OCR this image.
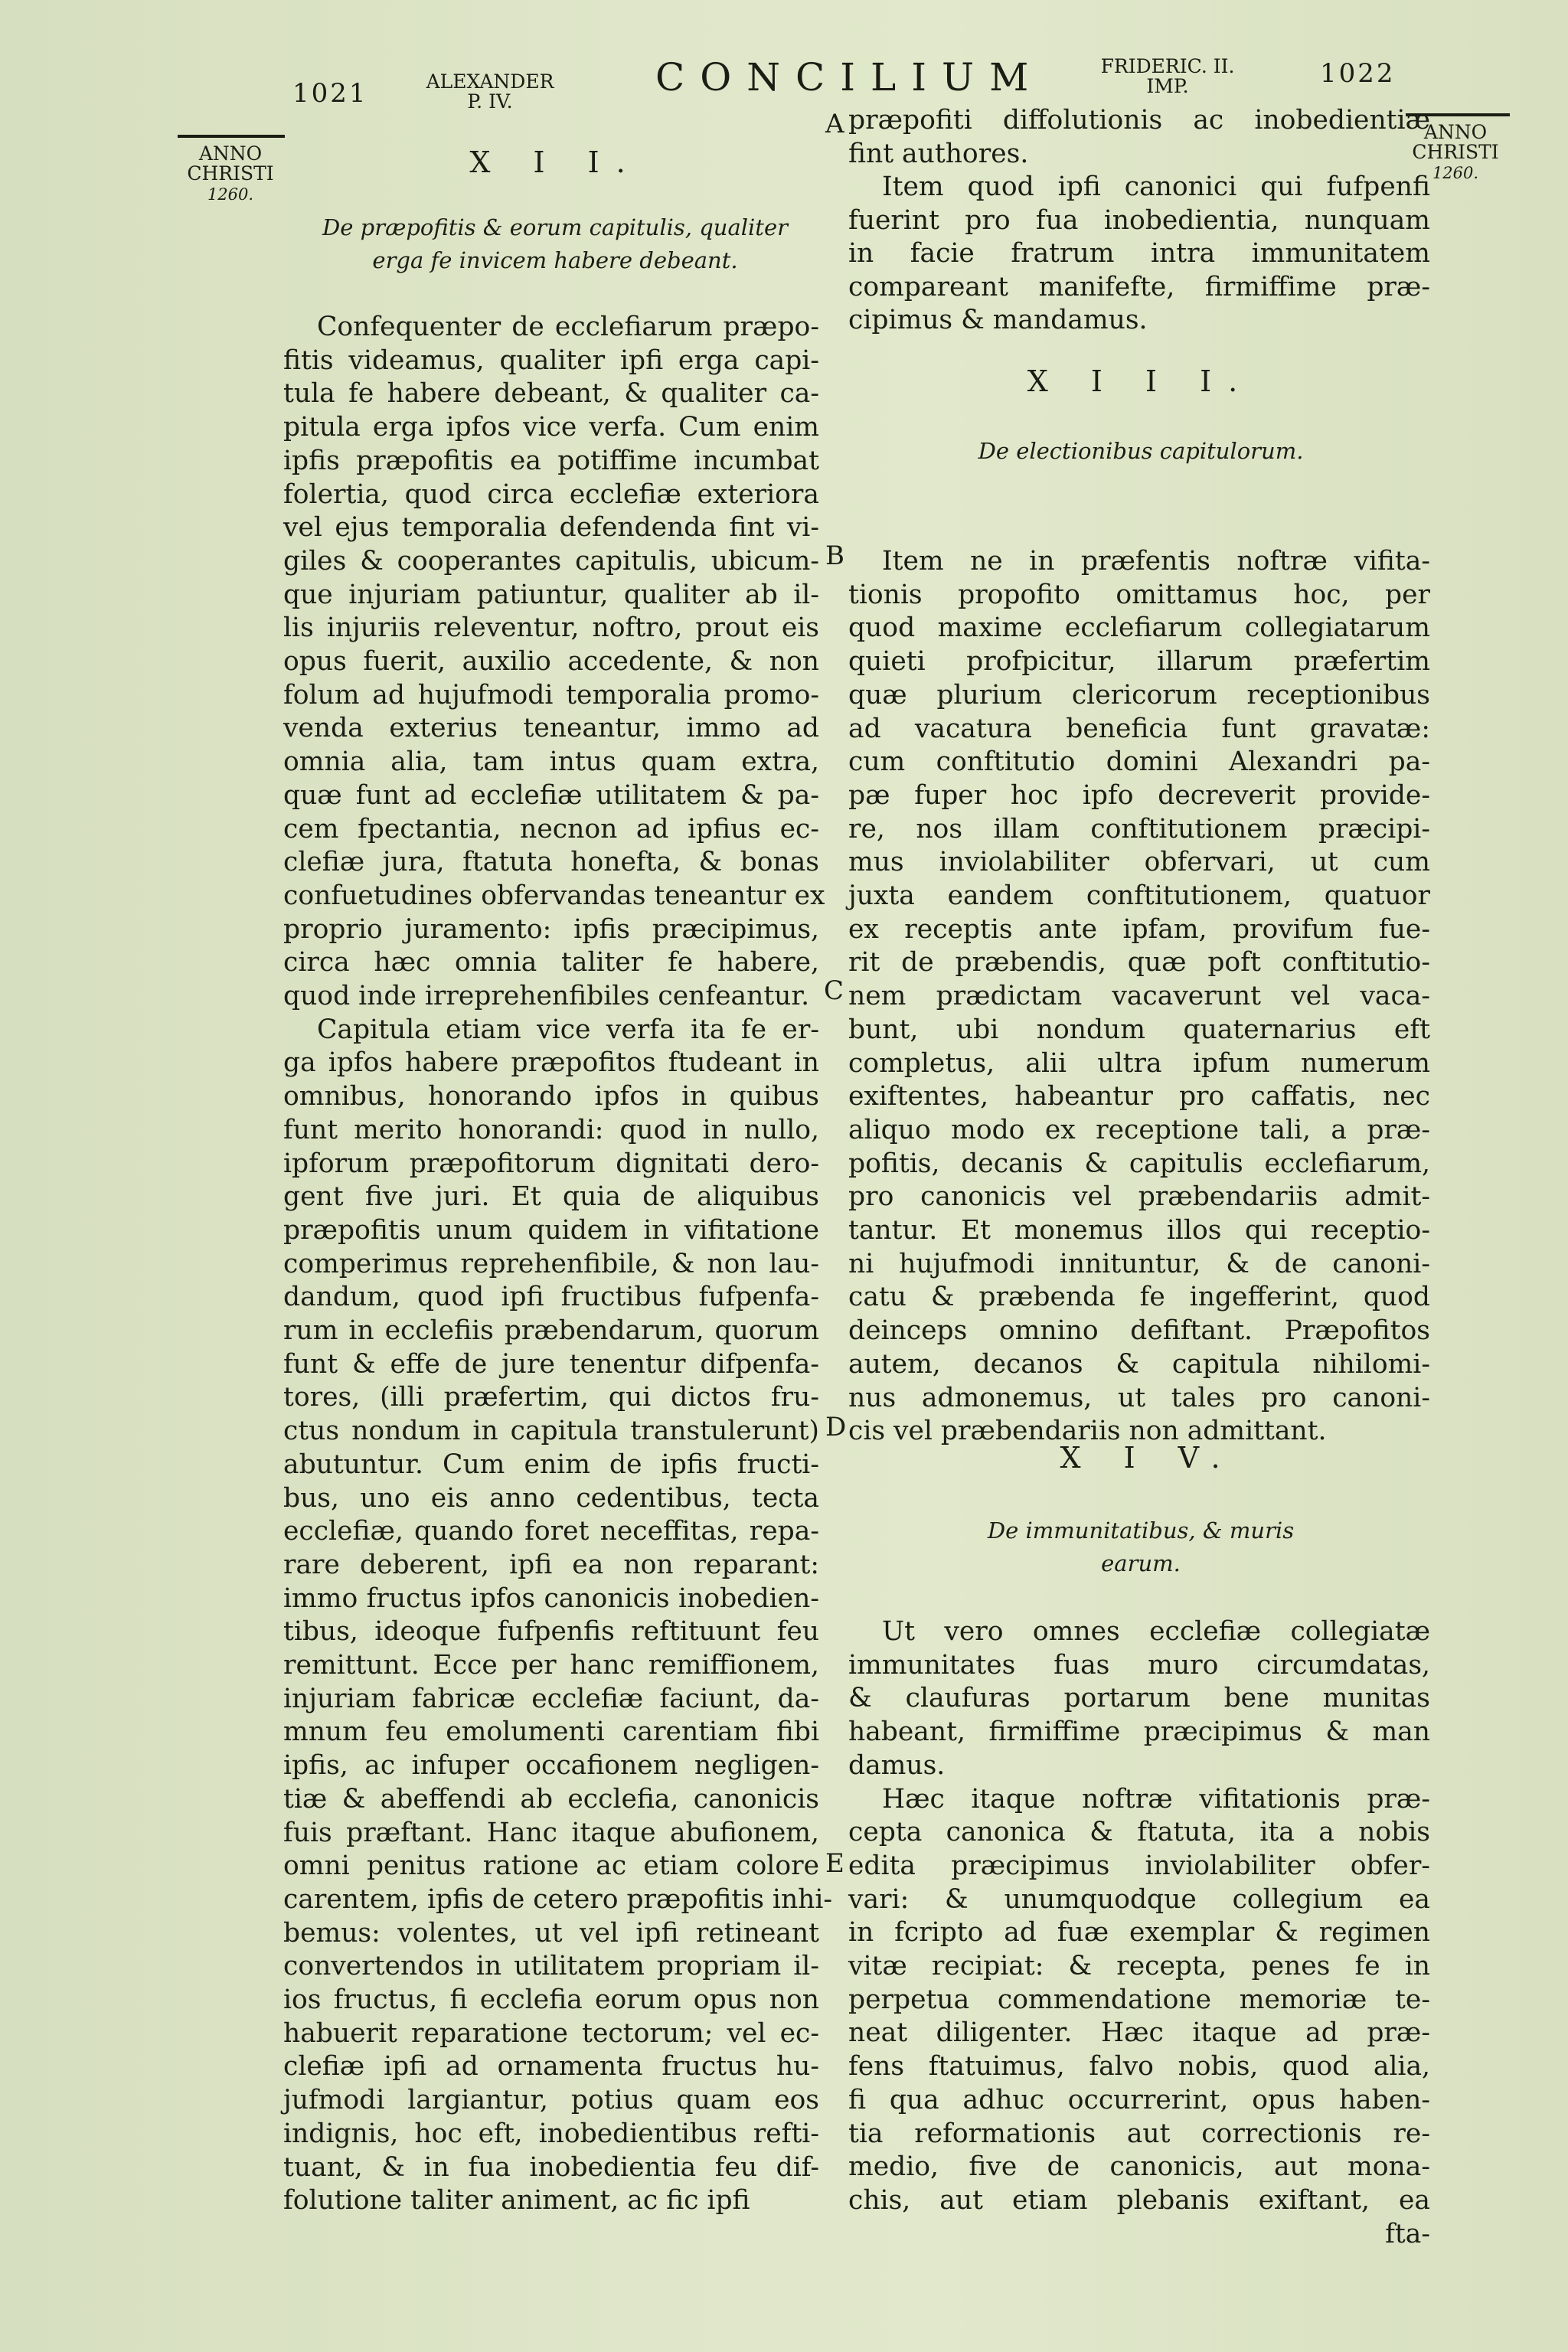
1021	ALEXANDER
P. IV.
CONCILIUM	FRIDERIC. II.
IMP.	1022
ANNO
CHRISTI
1260.
ANNO
CHRISTI
1260.
A
B
C
D
E
X I I.
De præpofitis & eorum capitulis, qualiter
erga fe invicem habere debeant.
Confequenter de ecclefiarum præpo-
fitis videamus, qualiter ipfi erga capi-
tula fe habere debeant, & qualiter ca-
pitula erga ipfos vice verfa. Cum enim
ipfis præpofitis ea potiffime incumbat
folertia, quod circa ecclefiæ exteriora
vel ejus temporalia defendenda fint vi-
giles & cooperantes capitulis, ubicum-
que injuriam patiuntur, qualiter ab il-
lis injuriis releventur, noftro, prout eis
opus fuerit, auxilio accedente, & non
folum ad hujufmodi temporalia promo-
venda exterius teneantur, immo ad
omnia alia, tam intus quam extra,
quæ funt ad ecclefiæ utilitatem & pa-
cem fpectantia, necnon ad ipfius ec-
clefiæ jura, ftatuta honefta, & bonas
confuetudines obfervandas teneantur ex
proprio juramento: ipfis præcipimus,
circa hæc omnia taliter fe habere,
quod inde irreprehenfibiles cenfeantur.
Capitula etiam vice verfa ita fe er-
ga ipfos habere præpofitos ftudeant in
omnibus, honorando ipfos in quibus
funt merito honorandi: quod in nullo,
ipforum præpofitorum dignitati dero-
gent five juri. Et quia de aliquibus
præpofitis unum quidem in vifitatione
comperimus reprehenfibile, & non lau-
dandum, quod ipfi fructibus fufpenfa-
rum in ecclefiis præbendarum, quorum
funt & effe de jure tenentur difpenfa-
tores, (illi præfertim, qui dictos fru-
ctus nondum in capitula transtulerunt)
abutuntur. Cum enim de ipfis fructi-
bus, uno eis anno cedentibus, tecta
ecclefiæ, quando foret neceffitas, repa-
rare deberent, ipfi ea non reparant:
immo fructus ipfos canonicis inobedien-
tibus, ideoque fufpenfis reftituunt feu
remittunt. Ecce per hanc remiffionem,
injuriam fabricæ ecclefiæ faciunt, da-
mnum feu emolumenti carentiam fibi
ipfis, ac infuper occafionem negligen-
tiæ & abeffendi ab ecclefia, canonicis
fuis præftant. Hanc itaque abufionem,
omni penitus ratione ac etiam colore
carentem, ipfis de cetero præpofitis inhi-
bemus: volentes, ut vel ipfi retineant
convertendos in utilitatem propriam il-
ios fructus, fi ecclefia eorum opus non
habuerit reparatione tectorum; vel ec-
clefiæ ipfi ad ornamenta fructus hu-
jufmodi largiantur, potius quam eos
indignis, hoc eft, inobedientibus refti-
tuant, & in fua inobedientia feu dif-
folutione taliter animent, ac fic ipfi
præpofiti diffolutionis ac inobedientiæ
fint authores.
Item quod ipfi canonici qui fufpenfi
fuerint pro fua inobedientia, nunquam
in facie fratrum intra immunitatem
compareant manifefte, firmiffime præ-
cipimus & mandamus.
X I I I.
De electionibus capitulorum.
Item ne in præfentis noftræ vifita-
tionis propofito omittamus hoc, per
quod maxime ecclefiarum collegiatarum
quieti profpicitur, illarum præfertim
quæ plurium clericorum receptionibus
ad vacatura beneficia funt gravatæ:
cum conftitutio domini Alexandri pa-
pæ fuper hoc ipfo decreverit provide-
re, nos illam conftitutionem præcipi-
mus inviolabiliter obfervari, ut cum
juxta eandem conftitutionem, quatuor
ex receptis ante ipfam, provifum fue-
rit de præbendis, quæ poft conftitutio-
nem prædictam vacaverunt vel vaca-
bunt, ubi nondum quaternarius eft
completus, alii ultra ipfum numerum
exiftentes, habeantur pro caffatis, nec
aliquo modo ex receptione tali, a præ-
pofitis, decanis & capitulis ecclefiarum,
pro canonicis vel præbendariis admit-
tantur. Et monemus illos qui receptio-
ni hujufmodi innituntur, & de canoni-
catu & præbenda fe ingefferint, quod
deinceps omnino defiftant. Præpofitos
autem, decanos & capitula nihilomi-
nus admonemus, ut tales pro canoni-
cis vel præbendariis non admittant.
X I V.
De immunitatibus, & muris
earum.
Ut vero omnes ecclefiæ collegiatæ
immunitates fuas muro circumdatas,
& claufuras portarum bene munitas
habeant, firmiffime præcipimus & man
damus.
Hæc itaque noftræ vifitationis præ-
cepta canonica & ftatuta, ita a nobis
edita præcipimus inviolabiliter obfer-
vari: & unumquodque collegium ea
in fcripto ad fuæ exemplar & regimen
vitæ recipiat: & recepta, penes fe in
perpetua commendatione memoriæ te-
neat diligenter. Hæc itaque ad præ-
fens ftatuimus, falvo nobis, quod alia,
fi qua adhuc occurrerint, opus haben-
tia reformationis aut correctionis re-
medio, five de canonicis, aut mona-
chis, aut etiam plebanis exiftant, ea
fta-
